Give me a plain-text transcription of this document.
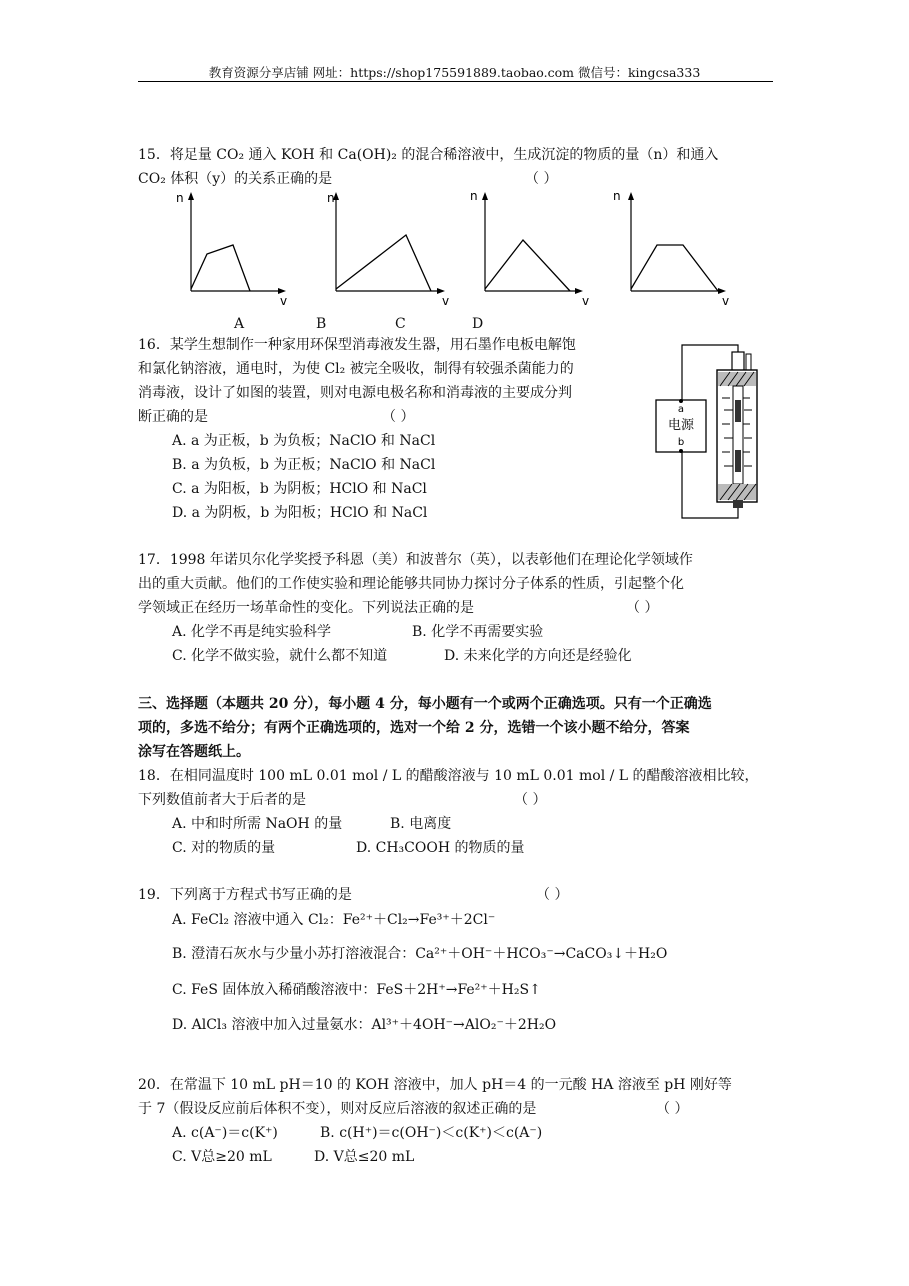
教育资源分享店铺 网址：https://shop175591889.taobao.com 微信号：kingcsa333
15．将足量 CO₂ 通入 KOH 和 Ca(OH)₂ 的混合稀溶液中，生成沉淀的物质的量（n）和通入
CO₂ 体积（y）的关系正确的是	（ ）
n
v
n
v
n
v
n
v
A	B	C	D
16．某学生想制作一种家用环保型消毒液发生器，用石墨作电板电解饱
和氯化钠溶液，通电时，为使 Cl₂ 被完全吸收，制得有较强杀菌能力的
消毒液，设计了如图的装置，则对电源电极名称和消毒液的主要成分判
断正确的是	（ ）
A. a 为正板，b 为负板；NaClO 和 NaCl
B. a 为负板，b 为正板；NaClO 和 NaCl
C. a 为阳板，b 为阴板；HClO 和 NaCl
D. a 为阴板，b 为阳板；HClO 和 NaCl
a
电源
b
17．1998 年诺贝尔化学奖授予科恩（美）和波普尔（英），以表彰他们在理论化学领域作
出的重大贡献。他们的工作使实验和理论能够共同协力探讨分子体系的性质，引起整个化
学领域正在经历一场革命性的变化。下列说法正确的是	（ ）
A. 化学不再是纯实验科学	B. 化学不再需要实验
C. 化学不做实验，就什么都不知道	D. 未来化学的方向还是经验化
三、选择题（本题共 20 分），每小题 4 分，每小题有一个或两个正确选项。只有一个正确选
项的，多选不给分；有两个正确选项的，选对一个给 2 分，选错一个该小题不给分，答案
涂写在答题纸上。
18．在相同温度时 100 mL 0.01 mol / L 的醋酸溶液与 10 mL 0.01 mol / L 的醋酸溶液相比较，
下列数值前者大于后者的是	（ ）
A. 中和时所需 NaOH 的量	B. 电离度
C. 对的物质的量	D. CH₃COOH 的物质的量
19．下列离于方程式书写正确的是	（ ）
A. FeCl₂ 溶液中通入 Cl₂：Fe²⁺＋Cl₂→Fe³⁺＋2Cl⁻
B. 澄清石灰水与少量小苏打溶液混合：Ca²⁺＋OH⁻＋HCO₃⁻→CaCO₃↓＋H₂O
C. FeS 固体放入稀硝酸溶液中：FeS＋2H⁺→Fe²⁺＋H₂S↑
D. AlCl₃ 溶液中加入过量氨水：Al³⁺＋4OH⁻→AlO₂⁻＋2H₂O
20．在常温下 10 mL pH＝10 的 KOH 溶液中，加人 pH＝4 的一元酸 HA 溶液至 pH 刚好等
于 7（假设反应前后体积不变），则对反应后溶液的叙述正确的是	（ ）
A. c(A⁻)＝c(K⁺)	B. c(H⁺)＝c(OH⁻)＜c(K⁺)＜c(A⁻)
C. V总≥20 mL	D. V总≤20 mL
